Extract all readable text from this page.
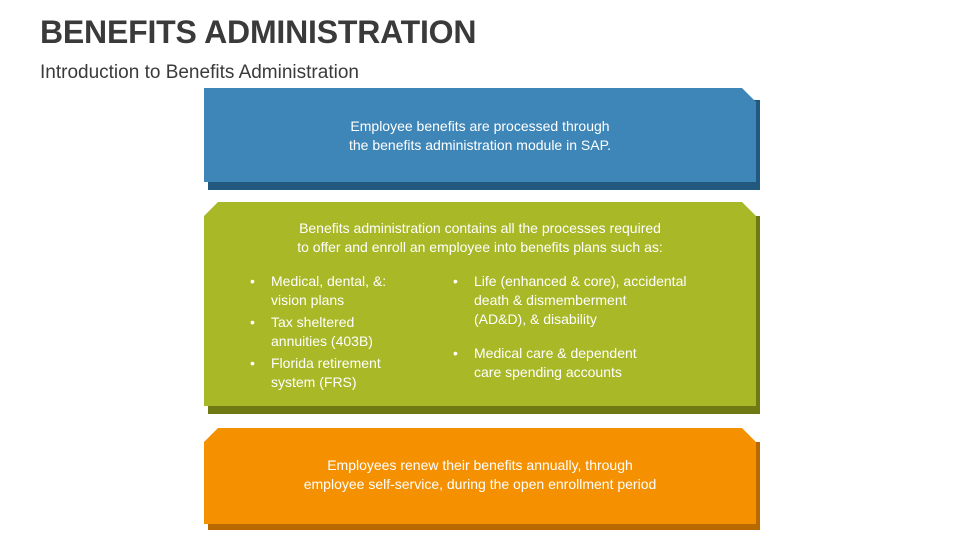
BENEFITS ADMINISTRATION
Introduction to Benefits Administration
Employee benefits are processed through
the benefits administration module in SAP.
Benefits administration contains all the processes required
to offer and enroll an employee into benefits plans such as:
• Medical, dental, &:
vision plans
• Tax sheltered
annuities (403B)
• Florida retirement
system (FRS)
• Life (enhanced & core), accidental
death & dismemberment
(AD&D), & disability
• Medical care & dependent
care spending accounts
Employees renew their benefits annually, through
employee self-service, during the open enrollment period
